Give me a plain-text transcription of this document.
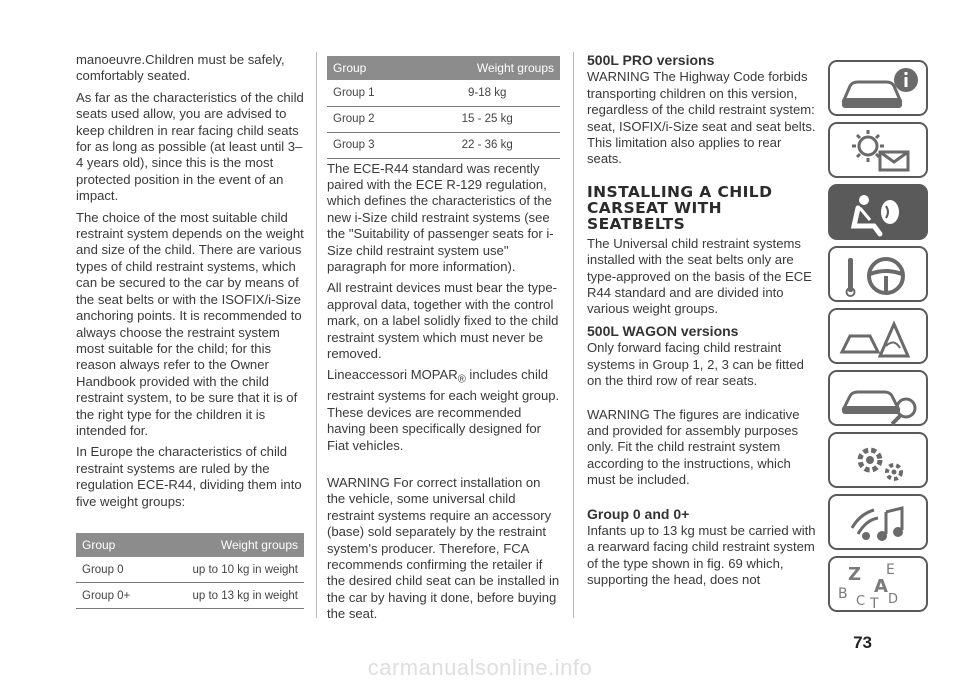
manoeuvre.Children must be safely, comfortably seated.

As far as the characteristics of the child seats used allow, you are advised to keep children in rear facing child seats for as long as possible (at least until 3–4 years old), since this is the most protected position in the event of an impact.

The choice of the most suitable child restraint system depends on the weight and size of the child. There are various types of child restraint systems, which can be secured to the car by means of the seat belts or with the ISOFIX/i-Size anchoring points. It is recommended to always choose the restraint system most suitable for the child; for this reason always refer to the Owner Handbook provided with the child restraint system, to be sure that it is of the right type for the children it is intended for.

In Europe the characteristics of child restraint systems are ruled by the regulation ECE-R44, dividing them into five weight groups:

Group	Weight groups
Group 0	up to 10 kg in weight
Group 0+	up to 13 kg in weight
Group	Weight groups
Group 1	9-18 kg
Group 2	15 - 25 kg
Group 3	22 - 36 kg

The ECE-R44 standard was recently paired with the ECE R-129 regulation, which defines the characteristics of the new i-Size child restraint systems (see the "Suitability of passenger seats for i-Size child restraint system use" paragraph for more information).

All restraint devices must bear the type-approval data, together with the control mark, on a label solidly fixed to the child restraint system which must never be removed.

Lineaccessori $MOPAR_®$ includes child restraint systems for each weight group. These devices are recommended having been specifically designed for Fiat vehicles.

WARNING For correct installation on the vehicle, some universal child restraint systems require an accessory (base) sold separately by the restraint system's producer. Therefore, FCA recommends confirming the retailer if the desired child seat can be installed in the car by having it done, before buying the seat.

500L PRO versions

WARNING The Highway Code forbids transporting children on this version, regardless of the child restraint system: seat, ISOFIX/i-Size seat and seat belts. This limitation also applies to rear seats.

INSTALLING A CHILD CARSEAT WITH SEATBELTS

The Universal child restraint systems installed with the seat belts only are type-approved on the basis of the ECE R44 standard and are divided into various weight groups.

500L WAGON versions

Only forward facing child restraint systems in Group 1, 2, 3 can be fitted on the third row of rear seats.

WARNING The figures are indicative and provided for assembly purposes only. Fit the child restraint system according to the instructions, which must be included.

Group 0 and 0+

Infants up to 13 kg must be carried with a rearward facing child restraint system of the type shown in fig. 69 which, supporting the head, does not	Z E
B A
C T D
73
carmanualsonline.info
